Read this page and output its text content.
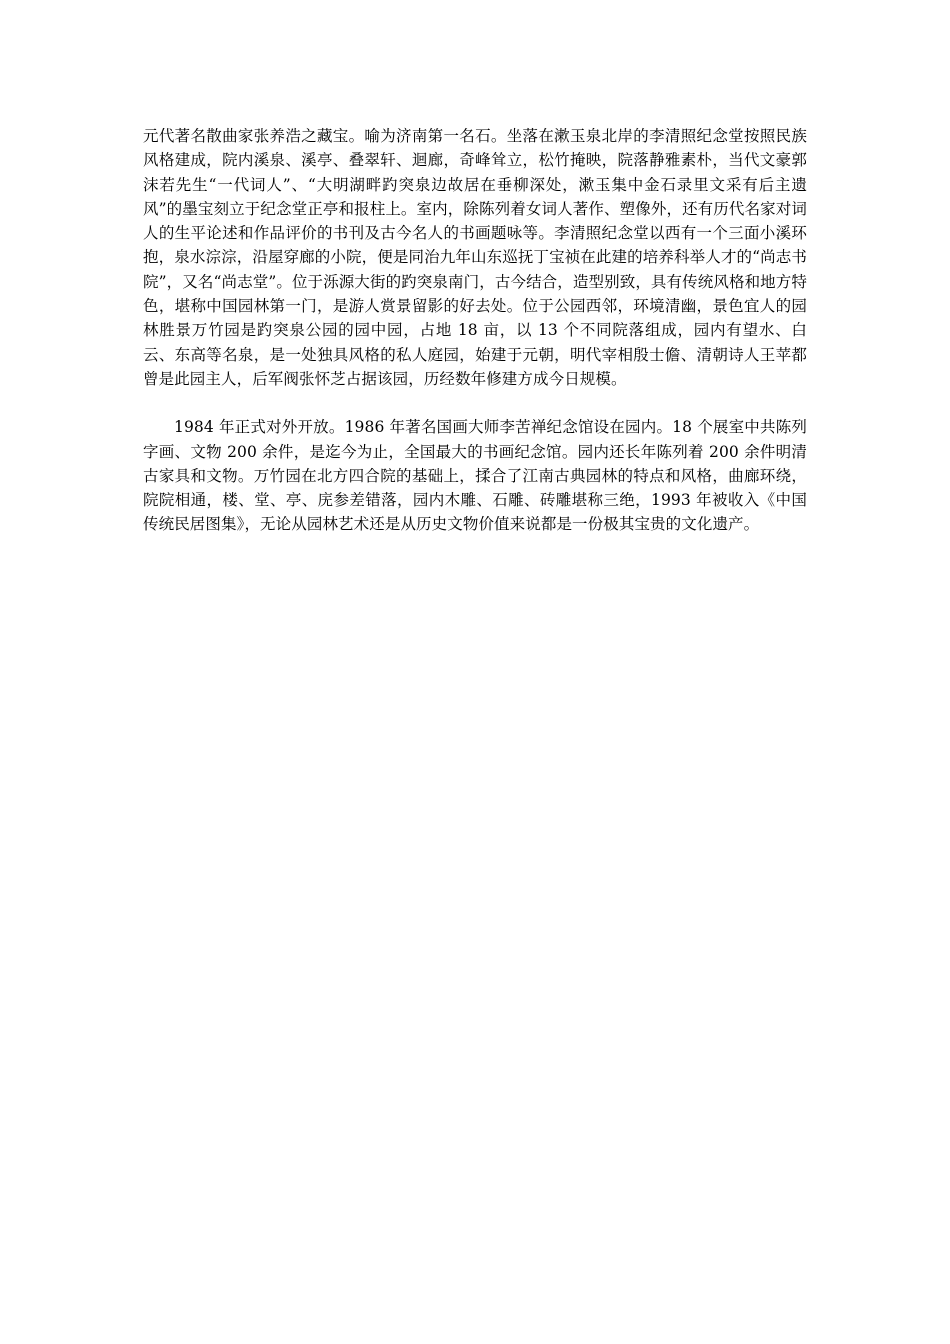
元代著名散曲家张养浩之藏宝。喻为济南第一名石。坐落在漱玉泉北岸的李清照纪念堂按照民族风格建成，院内溪泉、溪亭、叠翠轩、迴廊，奇峰耸立，松竹掩映，院落静雅素朴，当代文豪郭沫若先生“一代词人”、“大明湖畔趵突泉边故居在垂柳深处，漱玉集中金石录里文采有后主遗风”的墨宝刻立于纪念堂正亭和报柱上。室内，除陈列着女词人著作、塑像外，还有历代名家对词人的生平论述和作品评价的书刊及古今名人的书画题咏等。李清照纪念堂以西有一个三面小溪环抱，泉水淙淙，沿屋穿廊的小院，便是同治九年山东巡抚丁宝祯在此建的培养科举人才的“尚志书院”，又名“尚志堂”。位于泺源大街的趵突泉南门，古今结合，造型别致，具有传统风格和地方特色，堪称中国园林第一门，是游人赏景留影的好去处。位于公园西邻，环境清幽，景色宜人的园林胜景万竹园是趵突泉公园的园中园，占地 18 亩，以 13 个不同院落组成，园内有望水、白云、东高等名泉，是一处独具风格的私人庭园，始建于元朝，明代宰相殷士儋、清朝诗人王苹都曾是此园主人，后军阀张怀芝占据该园，历经数年修建方成今日规模。

1984 年正式对外开放。1986 年著名国画大师李苦禅纪念馆设在园内。18 个展室中共陈列字画、文物 200 余件，是迄今为止，全国最大的书画纪念馆。园内还长年陈列着 200 余件明清古家具和文物。万竹园在北方四合院的基础上，揉合了江南古典园林的特点和风格，曲廊环绕，院院相通，楼、堂、亭、庑参差错落，园内木雕、石雕、砖雕堪称三绝，1993 年被收入《中国传统民居图集》，无论从园林艺术还是从历史文物价值来说都是一份极其宝贵的文化遗产。
